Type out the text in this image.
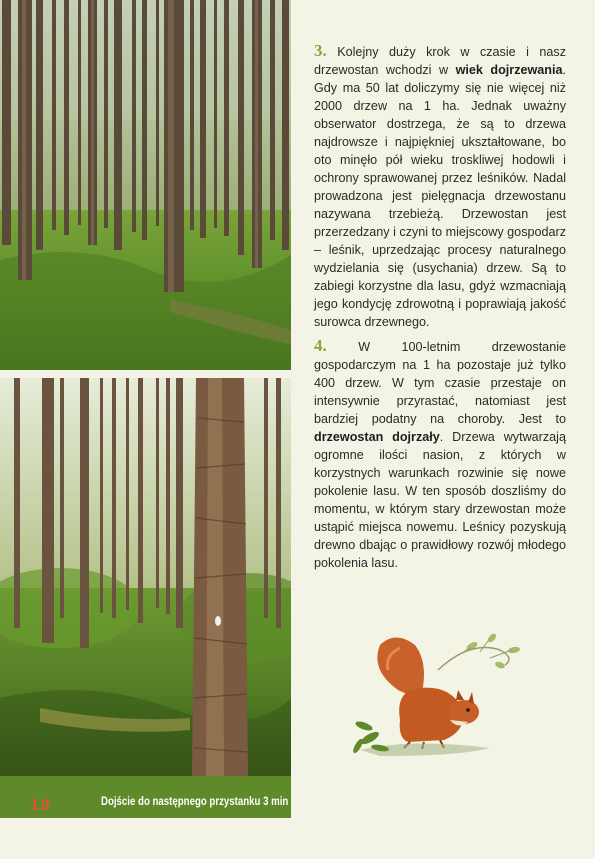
3. Kolejny duży krok w czasie i nasz drzewostan wchodzi w wiek dojrzewania. Gdy ma 50 lat doliczymy się nie więcej niż 2000 drzew na 1 ha. Jednak uważny obserwator dostrzega, że są to drzewa najdrowsze i najpiękniej ukształtowane, bo oto minęło pół wieku troskliwej hodowli i ochrony sprawowanej przez leśników. Nadal prowadzona jest pielęgnacja drzewostanu nazywana trzebieżą. Drzewostan jest przerzedzany i czyni to miejscowy gospodarz – leśnik, uprzedzając procesy naturalnego wydzielania się (usychania) drzew. Są to zabiegi korzystne dla lasu, gdyż wzmacniają jego kondycję zdrowotną i poprawiają jakość surowca drzewnego.
4. W 100-letnim drzewostanie gospodarczym na 1 ha pozostaje już tylko 400 drzew. W tym czasie przestaje on intensywnie przyrastać, natomiast jest bardziej podatny na choroby. Jest to drzewostan dojrzały. Drzewa wytwarzają ogromne ilości nasion, z których w korzystnych warunkach rozwinie się nowe pokolenie lasu. W ten sposób doszliśmy do momentu, w którym stary drzewostan może ustąpić miejsca nowemu. Leśnicy pozyskują drewno dbając o prawidłowy rozwój młodego pokolenia lasu.
18	Dojście do następnego przystanku 3 min
